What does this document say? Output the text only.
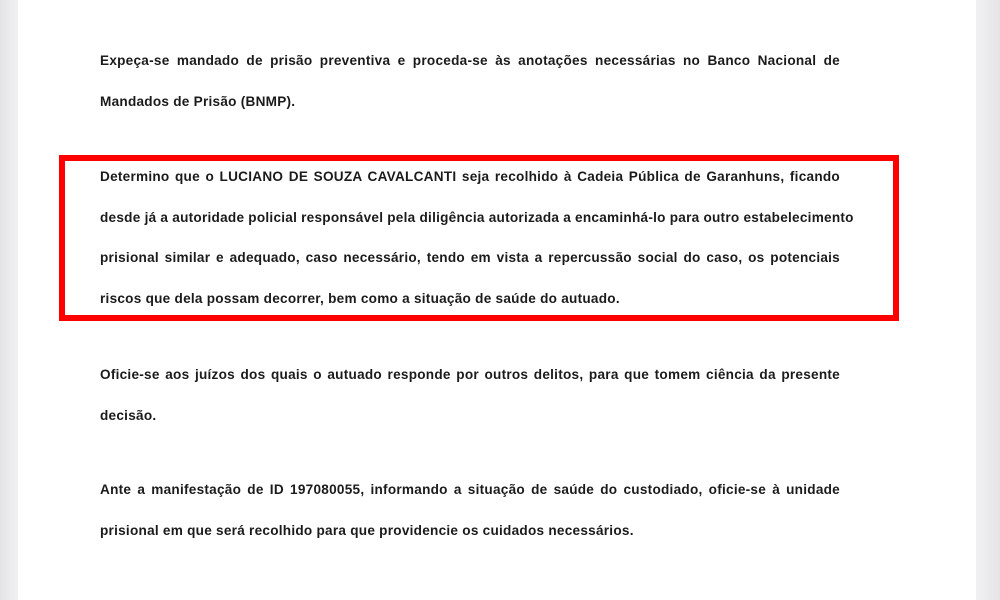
Expeça-se mandado de prisão preventiva e proceda-se às anotações necessárias no Banco Nacional de
Mandados de Prisão (BNMP).

Determino que o LUCIANO DE SOUZA CAVALCANTI seja recolhido à Cadeia Pública de Garanhuns, ficando
desde já a autoridade policial responsável pela diligência autorizada a encaminhá-lo para outro estabelecimento
prisional similar e adequado, caso necessário, tendo em vista a repercussão social do caso, os potenciais
riscos que dela possam decorrer, bem como a situação de saúde do autuado.

Oficie-se aos juízos dos quais o autuado responde por outros delitos, para que tomem ciência da presente
decisão.

Ante a manifestação de ID 197080055, informando a situação de saúde do custodiado, oficie-se à unidade
prisional em que será recolhido para que providencie os cuidados necessários.
